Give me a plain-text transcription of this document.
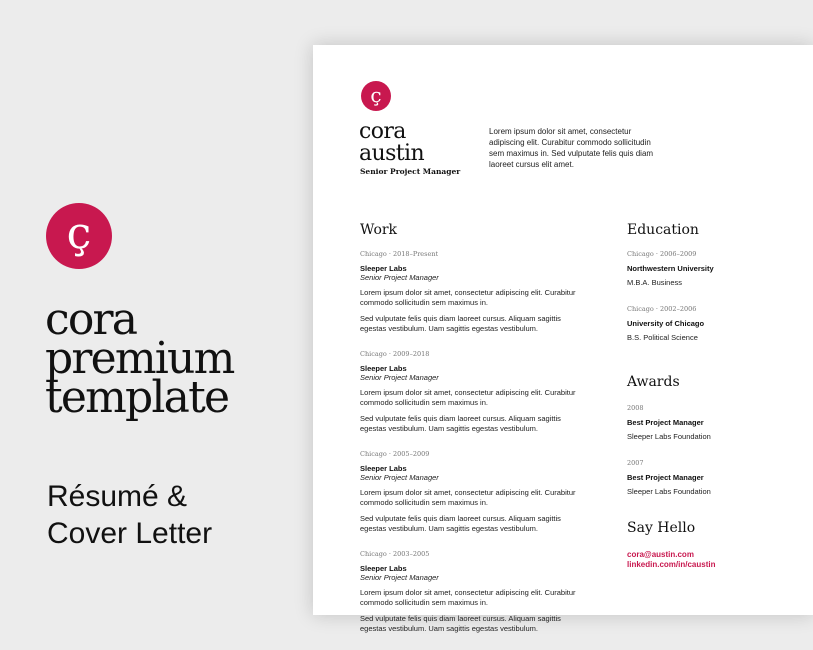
ç
cora
premium
template
Résumé &
Cover Letter
ç
cora
austin
Senior Project Manager
Lorem ipsum dolor sit amet, consectetur adipiscing elit. Curabitur commodo sollicitudin sem maximus in. Sed vulputate felis quis diam laoreet cursus elit amet.
Work
Chicago · 2018–Present
Sleeper Labs
Senior Project Manager
Lorem ipsum dolor sit amet, consectetur adipiscing elit. Curabitur commodo sollicitudin sem maximus in.
Sed vulputate felis quis diam laoreet cursus. Aliquam sagittis egestas vestibulum. Uam sagittis egestas vestibulum.
Chicago · 2009–2018
Sleeper Labs
Senior Project Manager
Lorem ipsum dolor sit amet, consectetur adipiscing elit. Curabitur commodo sollicitudin sem maximus in.
Sed vulputate felis quis diam laoreet cursus. Aliquam sagittis egestas vestibulum. Uam sagittis egestas vestibulum.
Chicago · 2005–2009
Sleeper Labs
Senior Project Manager
Lorem ipsum dolor sit amet, consectetur adipiscing elit. Curabitur commodo sollicitudin sem maximus in.
Sed vulputate felis quis diam laoreet cursus. Aliquam sagittis egestas vestibulum. Uam sagittis egestas vestibulum.
Chicago · 2003–2005
Sleeper Labs
Senior Project Manager
Lorem ipsum dolor sit amet, consectetur adipiscing elit. Curabitur commodo sollicitudin sem maximus in.
Sed vulputate felis quis diam laoreet cursus. Aliquam sagittis egestas vestibulum. Uam sagittis egestas vestibulum.
Education
Chicago · 2006–2009
Northwestern University
M.B.A. Business
Chicago · 2002–2006
University of Chicago
B.S. Political Science
Awards
2008
Best Project Manager
Sleeper Labs Foundation
2007
Best Project Manager
Sleeper Labs Foundation
Say Hello
cora@austin.com
linkedin.com/in/caustin
